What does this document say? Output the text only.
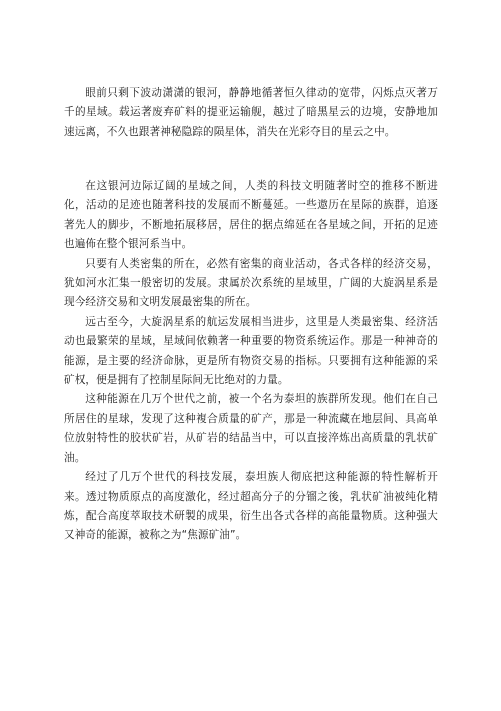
眼前只剩下波动潇潇的银河，静静地循著恒久律动的宽带，闪烁点灭著万千的星域。载运著废弃矿料的提亚运输舰，越过了暗黑星云的边境，安静地加速远离，不久也跟著神秘隐踪的陨星体，消失在光彩夺目的星云之中。

在这银河边际辽阔的星域之间，人类的科技文明随著时空的推移不断进化，活动的足迹也随著科技的发展而不断蔓延。一些遨历在星际的族群，追逐著先人的脚步，不断地拓展移居，居住的据点绵延在各星域之间，开拓的足迹也遍佈在整个银河系当中。

只要有人类密集的所在，必然有密集的商业活动，各式各样的经济交易，犹如河水汇集一般密切的发展。隶属於次系统的星域里，广阔的大旋涡星系是现今经济交易和文明发展最密集的所在。

远古至今，大旋涡星系的航运发展相当进步，这里是人类最密集、经济活动也最繁荣的星域，星域间依赖著一种重要的物资系统运作。那是一种神奇的能源，是主要的经济命脉，更是所有物资交易的指标。只要拥有这种能源的采矿权，便是拥有了控制星际间无比绝对的力量。

这种能源在几万个世代之前，被一个名为泰坦的族群所发现。他们在自己所居住的星球，发现了这种複合质量的矿产，那是一种流藏在地层间、具高单位放射特性的胶状矿岩，从矿岩的结晶当中，可以直接淬炼出高质量的乳状矿油。

经过了几万个世代的科技发展，泰坦族人彻底把这种能源的特性解析开来。透过物质原点的高度激化，经过超高分子的分镏之後，乳状矿油被纯化精炼，配合高度萃取技术研製的成果，衍生出各式各样的高能量物质。这种强大又神奇的能源，被称之为“焦源矿油”。
